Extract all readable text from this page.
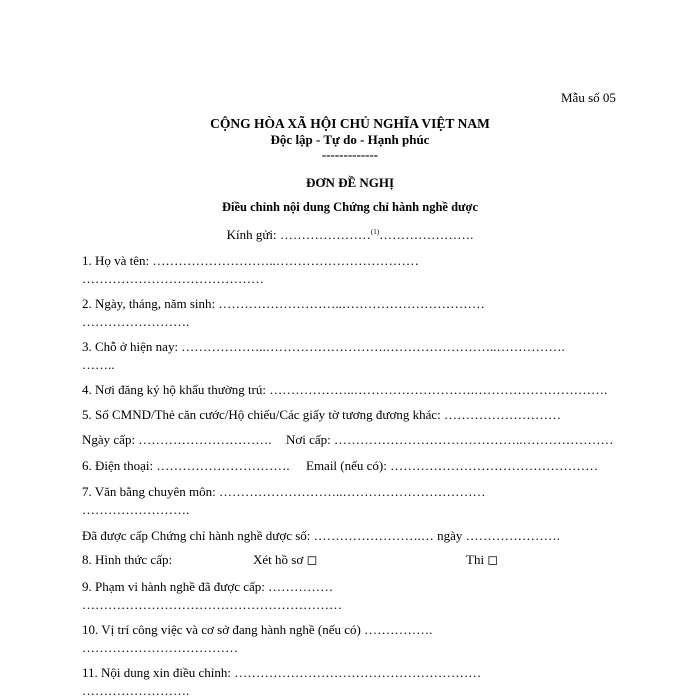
Mẫu số 05
CỘNG HÒA XÃ HỘI CHỦ NGHĨA VIỆT NAM
Độc lập - Tự do - Hạnh phúc
-------------
ĐƠN ĐỀ NGHỊ
Điều chỉnh nội dung Chứng chỉ hành nghề dược
Kính gửi: …………………$^{(1)}$………………….
1. Họ và tên: ………………………..……………………………
……………………………………
2. Ngày, tháng, năm sinh: ………………………..……………………………
…………………….
3. Chỗ ở hiện nay: ………………..……………………….……………………..…………….
……..
4. Nơi đăng ký hộ khẩu thường trú: ………………..……………………….………………………….
5. Số CMND/Thẻ căn cước/Hộ chiếu/Các giấy tờ tương đương khác: ………………………
Ngày cấp: …………………………. Nơi cấp: ……………………………………..…………………
6. Điện thoại: …………………………. Email (nếu có): …………………………………………
7. Văn bằng chuyên môn: ………………………..……………………………
…………………….
Đã được cấp Chứng chỉ hành nghề dược số: …………………….… ngày ………………….
8. Hình thức cấp:	Xét hồ sơ ◻	Thi ◻
9. Phạm vi hành nghề đã được cấp: ……………
……………………………………………………
10. Vị trí công việc và cơ sở đang hành nghề (nếu có) …………….
………………………………
11. Nội dung xin điều chỉnh: …………………………………………………
…………………….
